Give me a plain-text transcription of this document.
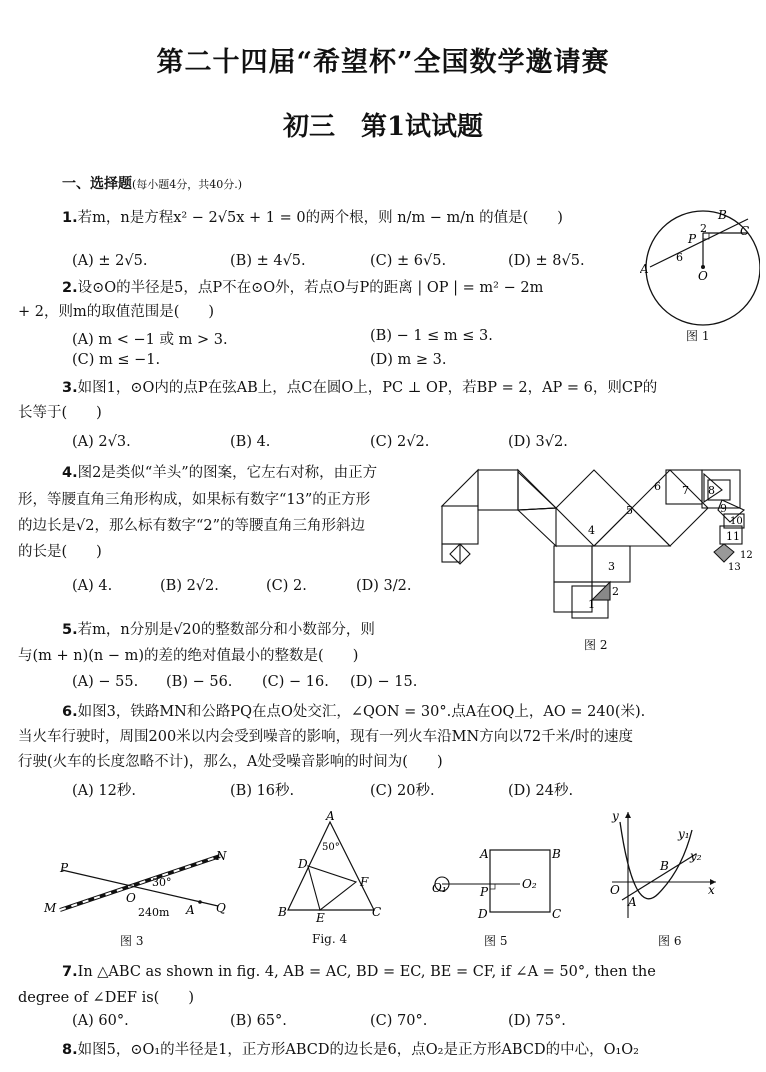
第二十四届“希望杯”全国数学邀请赛
初三　第1试试题
一、选择题(每小题4分，共40分.)
1.若m，n是方程x² − 2√5x + 1 = 0的两个根，则 n/m − m/n 的值是(　　)
(A) ± 2√5.	(B) ± 4√5.	(C) ± 6√5.	(D) ± 8√5.
2.设⊙O的半径是5，点P不在⊙O外，若点O与P的距离 | OP | = m² − 2m
+ 2，则m的取值范围是(　　)
(A) m < −1 或 m > 3.	(B) − 1 ≤ m ≤ 3.
(C) m ≤ −1.	(D) m ≥ 3.
3.如图1，⊙O内的点P在弦AB上，点C在圆O上，PC ⊥ OP，若BP = 2，AP = 6，则CP的
长等于(　　)
(A) 2√3.	(B) 4.	(C) 2√2.	(D) 3√2.
4.图2是类似“羊头”的图案，它左右对称，由正方
形，等腰直角三角形构成，如果标有数字“13”的正方形
的边长是√2，那么标有数字“2”的等腰直角三角形斜边
的长是(　　)
(A) 4.	(B) 2√2.	(C) 2.	(D) 3/2.
5.若m，n分别是√20的整数部分和小数部分，则
与(m + n)(n − m)的差的绝对值最小的整数是(　　)
(A) − 55. (B) − 56. (C) − 16. (D) − 15.
6.如图3，铁路MN和公路PQ在点O处交汇，∠QON = 30°.点A在OQ上，AO = 240(米).
当火车行驶时，周围200米以内会受到噪音的影响，现有一列火车沿MN方向以72千米/时的速度
行驶(火车的长度忽略不计)，那么，A处受噪音影响的时间为(　　)
(A) 12秒.	(B) 16秒.	(C) 20秒.	(D) 24秒.
7.In △ABC as shown in fig. 4, AB = AC, BD = EC, BE = CF, if ∠A = 50°, then the
degree of ∠DEF is(　　)
(A) 60°.	(B) 65°.	(C) 70°.	(D) 75°.
8.如图5，⊙O₁的半径是1，正方形ABCD的边长是6，点O₂是正方形ABCD的中心，O₁O₂
A
B
C
P
O
2
6
图 1
1
2
3
4
5
6 7 8
9
10
11
12
13
图 2
P
N
M	Q
O
A
30°
240m
图 3
A
B	C
D
E
F
50°
Fig. 4
A	B
C
D
P
O₁	O₂
图 5
y
x
O
A
B
y₁
y₂
图 6
